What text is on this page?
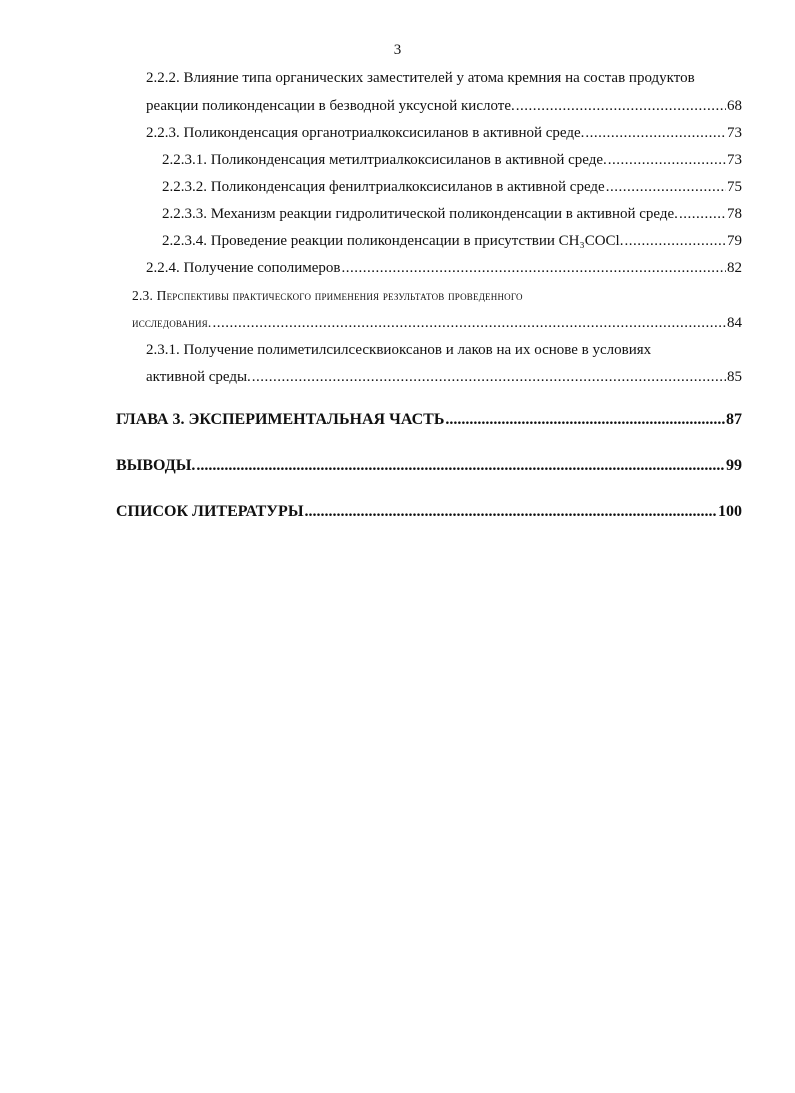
3
2.2.2. Влияние типа органических заместителей у атома кремния на состав продуктов
реакции поликонденсации в безводной уксусной кислоте. .....	68
2.2.3. Поликонденсация органотриалкоксисиланов в активной среде. .....	73
2.2.3.1. Поликонденсация метилтриалкоксисиланов в активной среде. .....	73
2.2.3.2. Поликонденсация фенилтриалкоксисиланов в активной среде .....	75
2.2.3.3. Механизм реакции гидролитической поликонденсации в активной среде. .....	78
2.2.3.4. Проведение реакции поликонденсации в присутствии CH₃COCl. .....	79
2.2.4. Получение сополимеров .....	82
2.3. Перспективы практического применения результатов проведенного
исследования. .....	84
2.3.1. Получение полиметилсилсесквиоксанов и лаков на их основе в условиях
активной среды. .....	85
ГЛАВА 3. ЭКСПЕРИМЕНТАЛЬНАЯ ЧАСТЬ .....	87
ВЫВОДЫ. .....	99
СПИСОК ЛИТЕРАТУРЫ .....	100
